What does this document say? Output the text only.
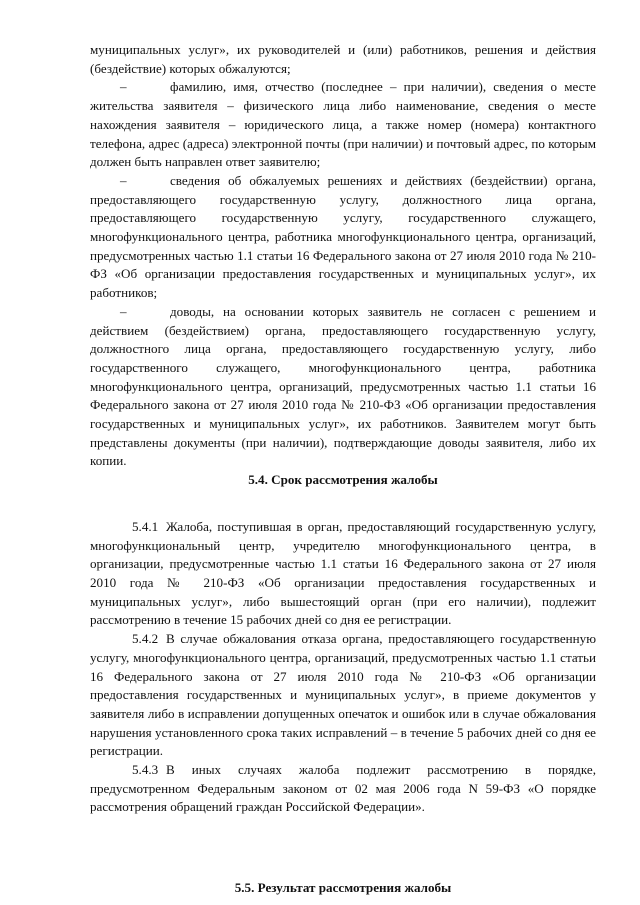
муниципальных услуг», их руководителей и (или) работников, решения и действия (бездействие) которых обжалуются;

–	фамилию, имя, отчество (последнее – при наличии), сведения о месте жительства заявителя – физического лица либо наименование, сведения о месте нахождения заявителя – юридического лица, а также номер (номера) контактного телефона, адрес (адреса) электронной почты (при наличии) и почтовый адрес, по которым должен быть направлен ответ заявителю;

–	сведения об обжалуемых решениях и действиях (бездействии) органа, предоставляющего государственную услугу, должностного лица органа, предоставляющего государственную услугу, государственного служащего, многофункционального центра, работника многофункционального центра, организаций, предусмотренных частью 1.1 статьи 16 Федерального закона от 27 июля 2010 года № 210-ФЗ «Об организации предоставления государственных и муниципальных услуг», их работников;

–	доводы, на основании которых заявитель не согласен с решением и действием (бездействием) органа, предоставляющего государственную услугу, должностного лица органа, предоставляющего государственную услугу, либо государственного служащего, многофункционального центра, работника многофункционального центра, организаций, предусмотренных частью 1.1 статьи 16 Федерального закона от 27 июля 2010 года № 210-ФЗ «Об организации предоставления государственных и муниципальных услуг», их работников. Заявителем могут быть представлены документы (при наличии), подтверждающие доводы заявителя, либо их копии.

5.4. Срок рассмотрения жалобы

5.4.1 Жалоба, поступившая в орган, предоставляющий государственную услугу, многофункциональный центр, учредителю многофункционального центра, в организации, предусмотренные частью 1.1 статьи 16 Федерального закона от 27 июля 2010 года № 210-ФЗ «Об организации предоставления государственных и муниципальных услуг», либо вышестоящий орган (при его наличии), подлежит рассмотрению в течение 15 рабочих дней со дня ее регистрации.

5.4.2 В случае обжалования отказа органа, предоставляющего государственную услугу, многофункционального центра, организаций, предусмотренных частью 1.1 статьи 16 Федерального закона от 27 июля 2010 года № 210-ФЗ «Об организации предоставления государственных и муниципальных услуг», в приеме документов у заявителя либо в исправлении допущенных опечаток и ошибок или в случае обжалования нарушения установленного срока таких исправлений – в течение 5 рабочих дней со дня ее регистрации.

5.4.3 В иных случаях жалоба подлежит рассмотрению в порядке, предусмотренном Федеральным законом от 02 мая 2006 года N 59-ФЗ «О порядке рассмотрения обращений граждан Российской Федерации».

5.5. Результат рассмотрения жалобы
